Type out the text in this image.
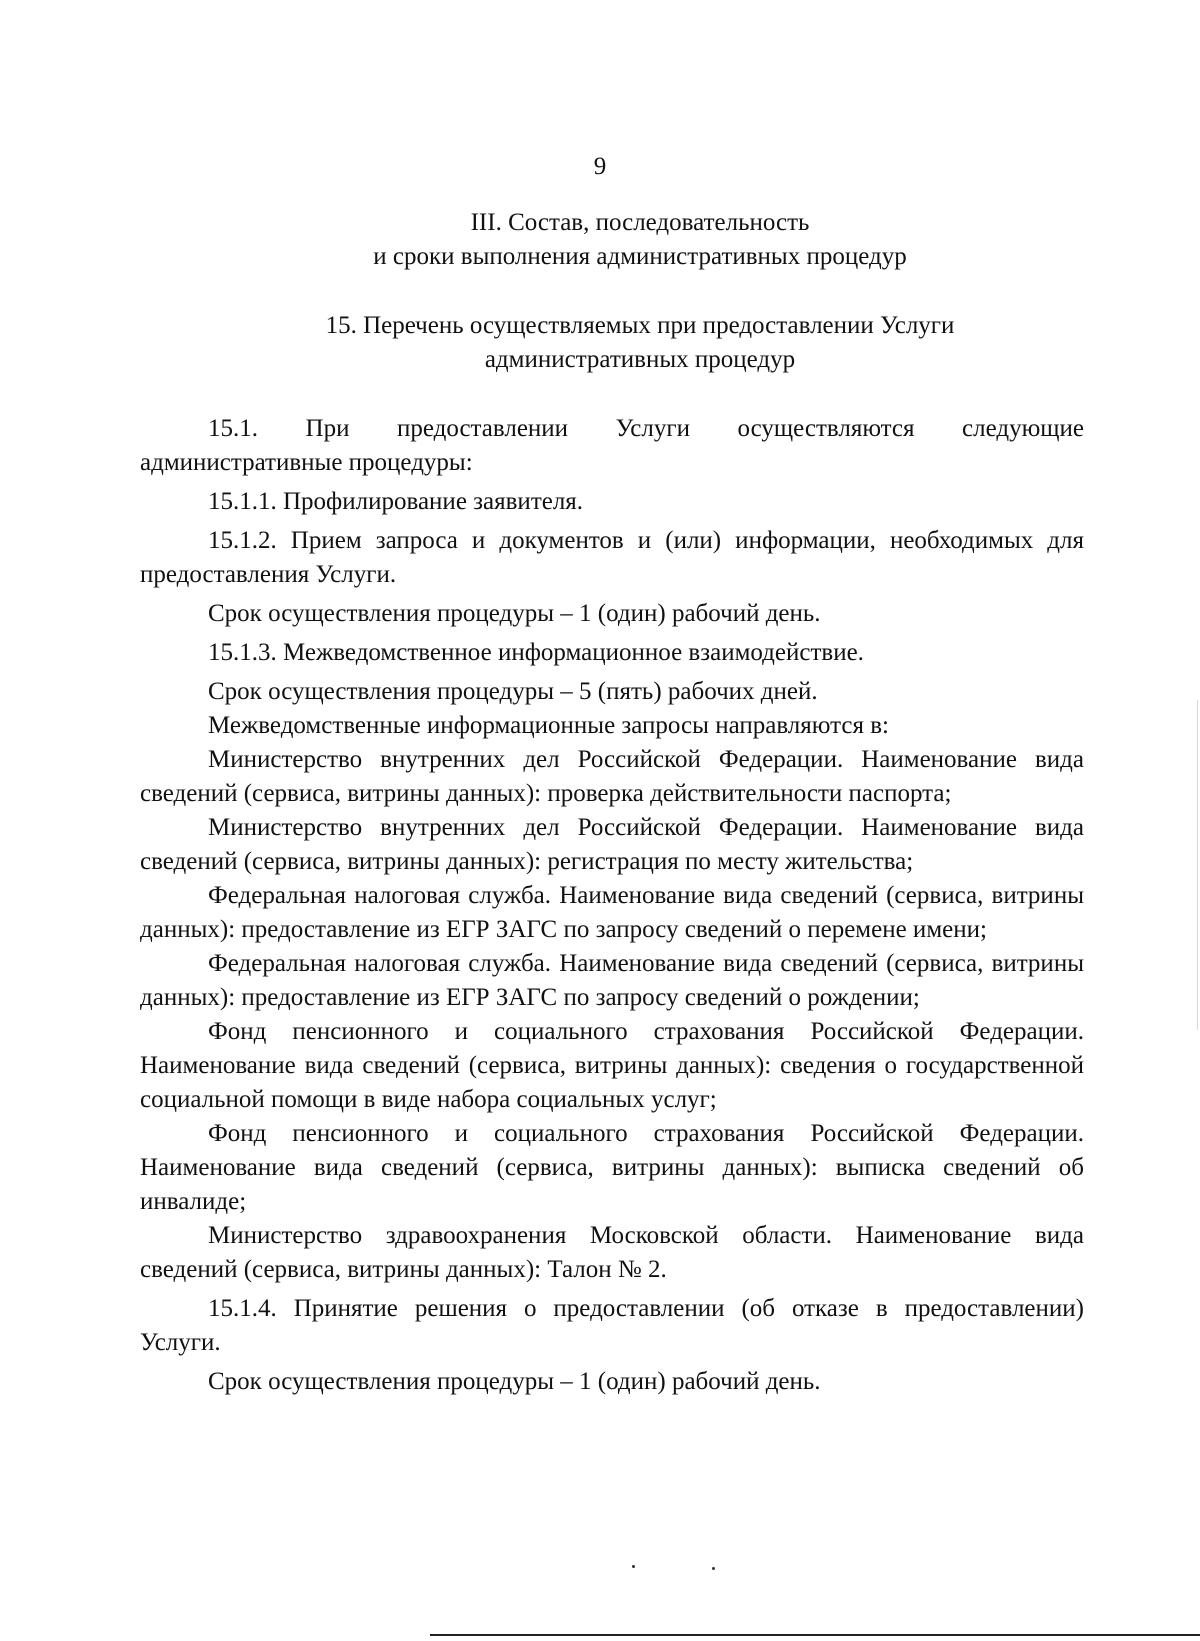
9
III. Состав, последовательность
и сроки выполнения административных процедур
15. Перечень осуществляемых при предоставлении Услуги
административных процедур

15.1. При предоставлении Услуги осуществляются следующие административные процедуры:

15.1.1. Профилирование заявителя.

15.1.2. Прием запроса и документов и (или) информации, необходимых для предоставления Услуги.

Срок осуществления процедуры – 1 (один) рабочий день.

15.1.3. Межведомственное информационное взаимодействие.

Срок осуществления процедуры – 5 (пять) рабочих дней.

Межведомственные информационные запросы направляются в:

Министерство внутренних дел Российской Федерации. Наименование вида сведений (сервиса, витрины данных): проверка действительности паспорта;

Министерство внутренних дел Российской Федерации. Наименование вида сведений (сервиса, витрины данных): регистрация по месту жительства;

Федеральная налоговая служба. Наименование вида сведений (сервиса, витрины данных): предоставление из ЕГР ЗАГС по запросу сведений о перемене имени;

Федеральная налоговая служба. Наименование вида сведений (сервиса, витрины данных): предоставление из ЕГР ЗАГС по запросу сведений о рождении;

Фонд пенсионного и социального страхования Российской Федерации. Наименование вида сведений (сервиса, витрины данных): сведения о государственной социальной помощи в виде набора социальных услуг;

Фонд пенсионного и социального страхования Российской Федерации. Наименование вида сведений (сервиса, витрины данных): выписка сведений об инвалиде;

Министерство здравоохранения Московской области. Наименование вида сведений (сервиса, витрины данных): Талон № 2.

15.1.4. Принятие решения о предоставлении (об отказе в предоставлении) Услуги.

Срок осуществления процедуры – 1 (один) рабочий день.
